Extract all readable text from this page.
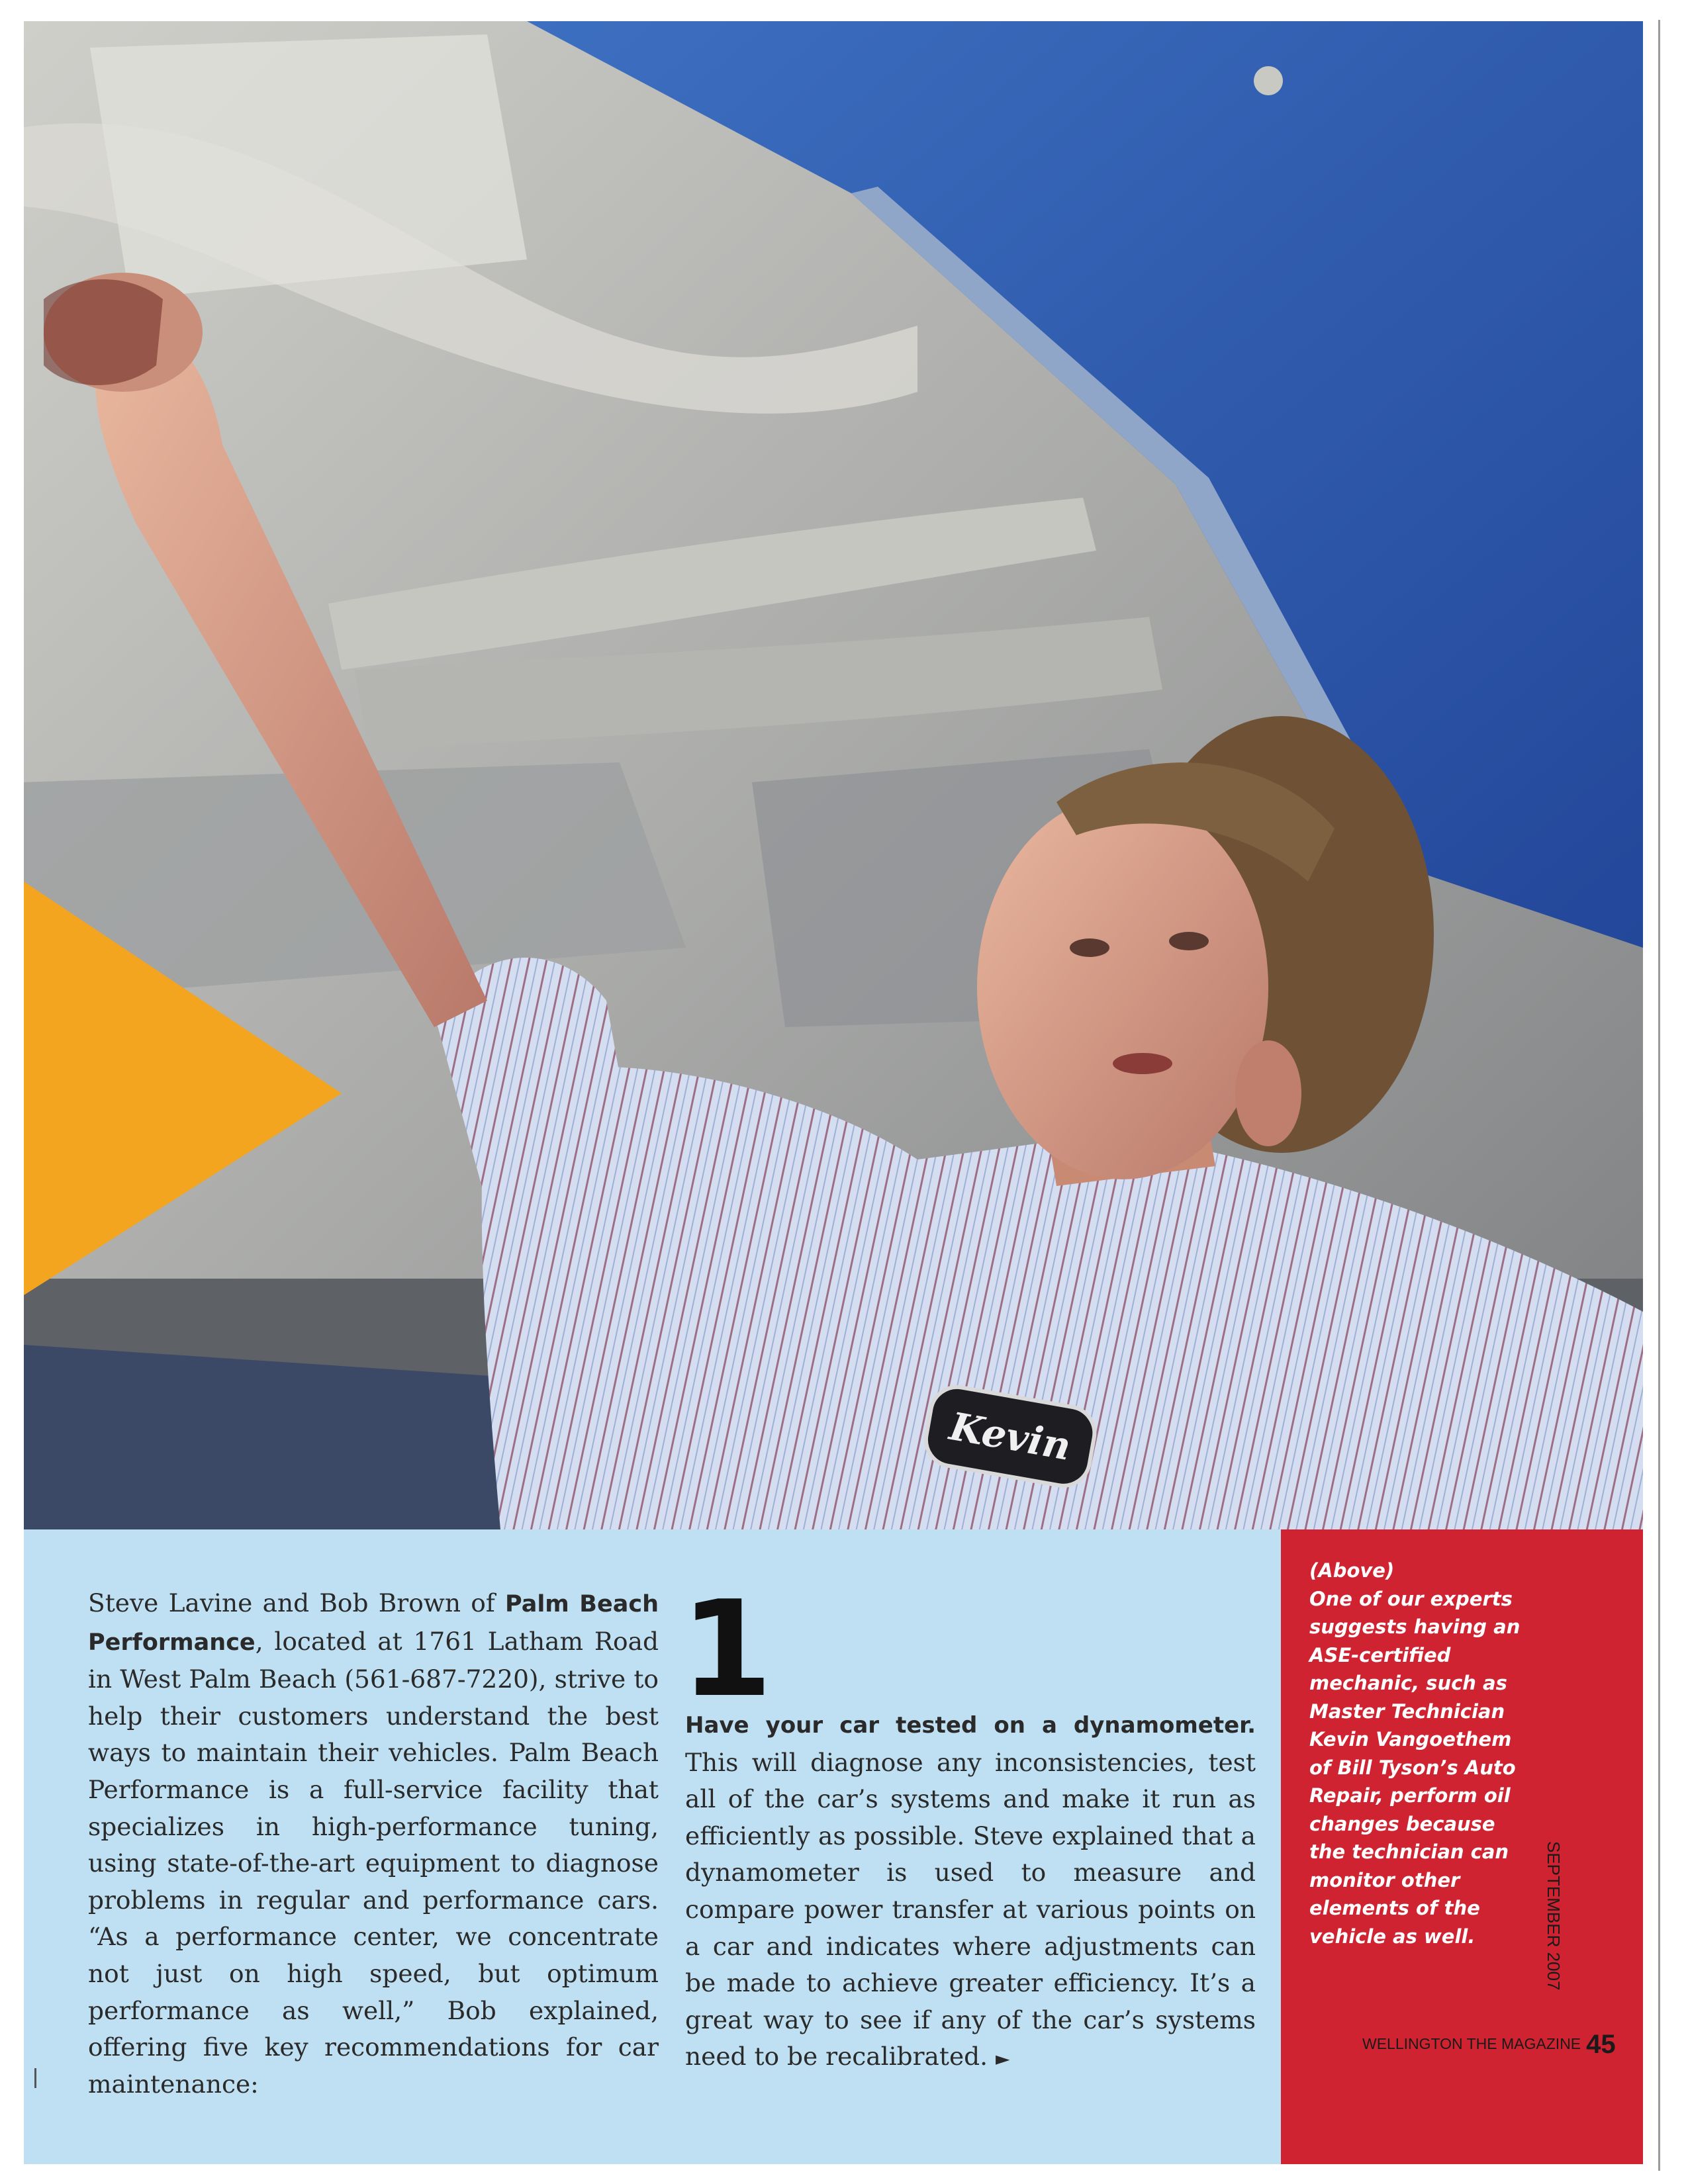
Kevin
Steve Lavine and Bob Brown of Palm Beach Performance, located at 1761 Latham Road in West Palm Beach (561-687-7220), strive to help their customers understand the best ways to maintain their vehicles. Palm Beach Performance is a full-service facility that specializes in high-performance tuning, using state-of-the-art equipment to diagnose problems in regular and performance cars. “As a performance center, we concentrate not just on high speed, but optimum performance as well,” Bob explained, offering five key recommendations for car maintenance:
1
Have your car tested on a dynamometer. This will diagnose any inconsistencies, test all of the car’s systems and make it run as efficiently as possible. Steve explained that a dynamometer is used to measure and compare power transfer at various points on a car and indicates where adjustments can be made to achieve greater efficiency. It’s a great way to see if any of the car’s systems need to be recalibrated. ►
(Above)
One of our experts suggests having an ASE-certified mechanic, such as Master Technician Kevin Vangoethem of Bill Tyson’s Auto Repair, perform oil changes because the technician can monitor other elements of the vehicle as well.	SEPTEMBER 2007
WELLINGTON THE MAGAZINE 45
